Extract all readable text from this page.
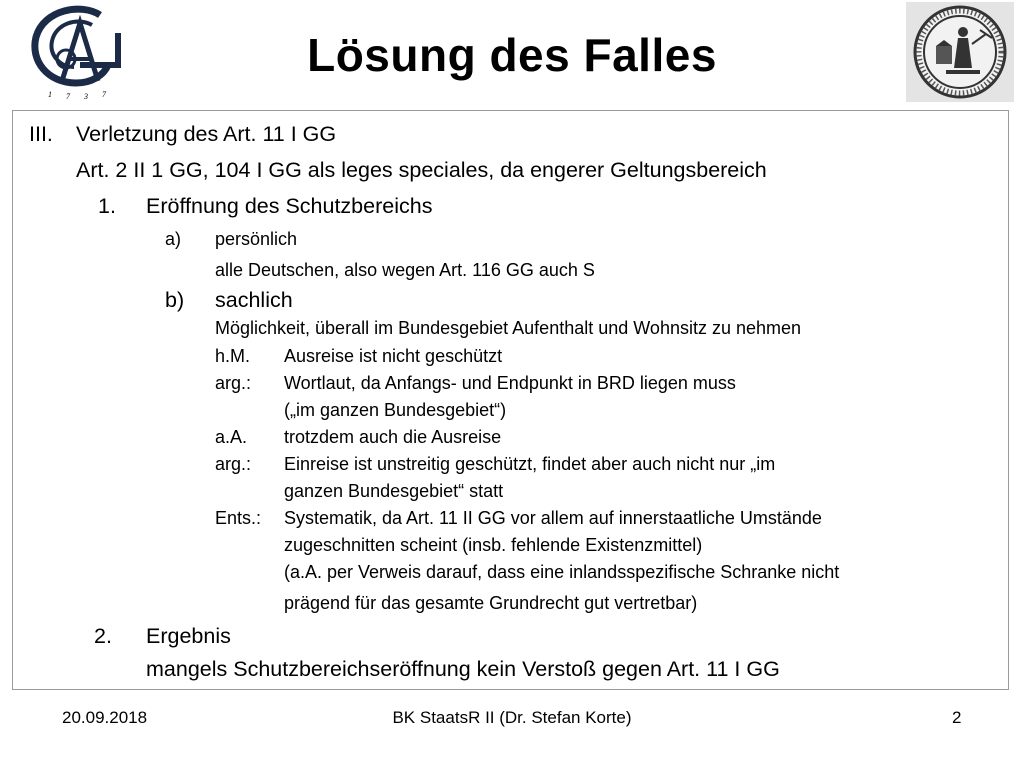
1 7 3 7
Lösung des Falles
III. Verletzung des Art. 11 I GG
Art. 2 II 1 GG, 104 I GG als leges speciales, da engerer Geltungsbereich
1. Eröffnung des Schutzbereichs
a) persönlich
alle Deutschen, also wegen Art. 116 GG auch S
b) sachlich
Möglichkeit, überall im Bundesgebiet Aufenthalt und Wohnsitz zu nehmen
h.M. Ausreise ist nicht geschützt
arg.: Wortlaut, da Anfangs- und Endpunkt in BRD liegen muss
(„im ganzen Bundesgebiet“)
a.A. trotzdem auch die Ausreise
arg.: Einreise ist unstreitig geschützt, findet aber auch nicht nur „im
ganzen Bundesgebiet“ statt
Ents.: Systematik, da Art. 11 II GG vor allem auf innerstaatliche Umstände
zugeschnitten scheint (insb. fehlende Existenzmittel)
(a.A. per Verweis darauf, dass eine inlandsspezifische Schranke nicht
prägend für das gesamte Grundrecht gut vertretbar)
2. Ergebnis
mangels Schutzbereichseröffnung kein Verstoß gegen Art. 11 I GG
20.09.2018	BK StaatsR II (Dr. Stefan Korte)	2
